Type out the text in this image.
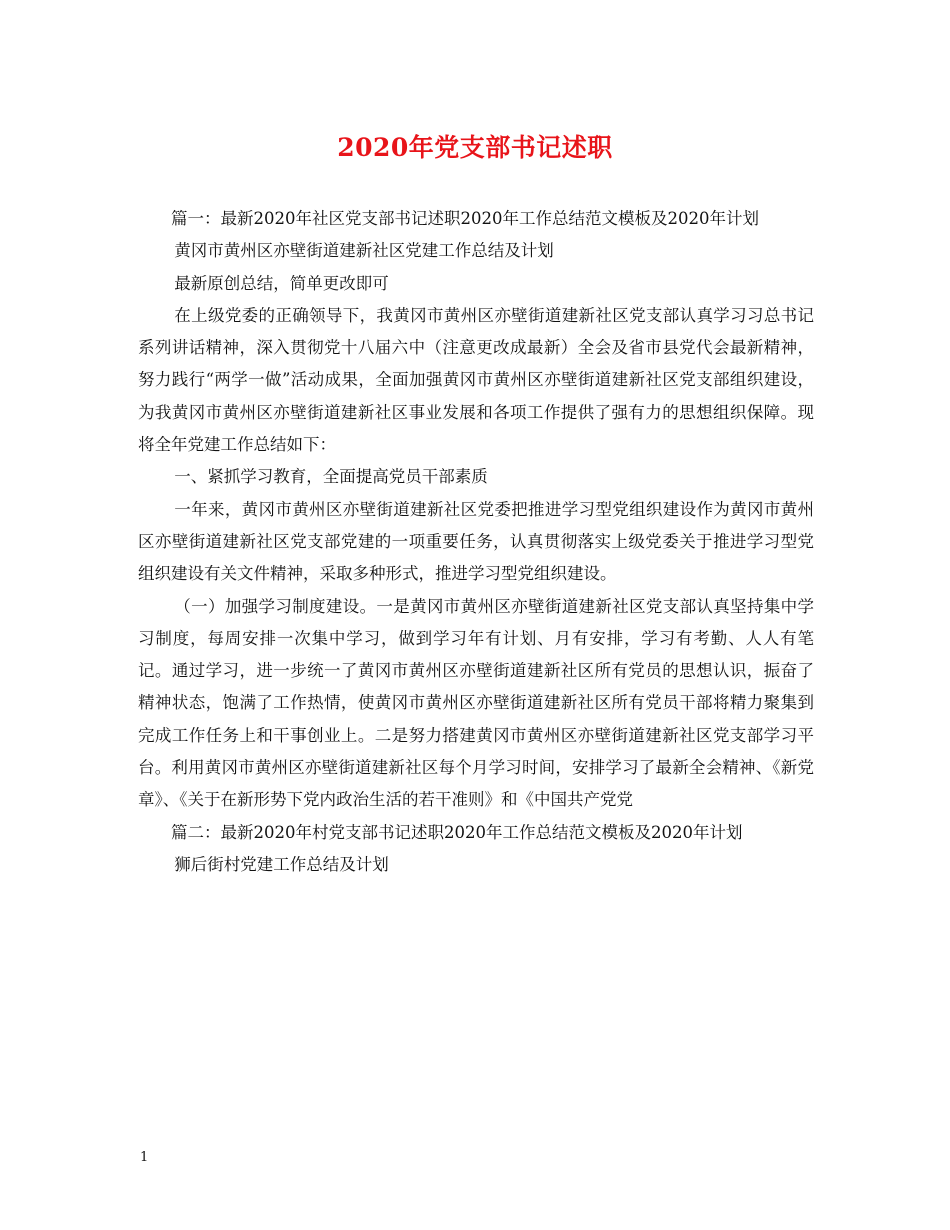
2020年党支部书记述职

篇一：最新2020年社区党支部书记述职2020年工作总结范文模板及2020年计划

黄冈市黄州区亦壁街道建新社区党建工作总结及计划

最新原创总结，简单更改即可

在上级党委的正确领导下，我黄冈市黄州区亦壁街道建新社区党支部认真学习习总书记系列讲话精神，深入贯彻党十八届六中（注意更改成最新）全会及省市县党代会最新精神，努力践行“两学一做”活动成果，全面加强黄冈市黄州区亦壁街道建新社区党支部组织建设，为我黄冈市黄州区亦壁街道建新社区事业发展和各项工作提供了强有力的思想组织保障。现将全年党建工作总结如下：

一、紧抓学习教育，全面提高党员干部素质

一年来，黄冈市黄州区亦壁街道建新社区党委把推进学习型党组织建设作为黄冈市黄州区亦壁街道建新社区党支部党建的一项重要任务，认真贯彻落实上级党委关于推进学习型党组织建设有关文件精神，采取多种形式，推进学习型党组织建设。

（一）加强学习制度建设。一是黄冈市黄州区亦壁街道建新社区党支部认真坚持集中学习制度，每周安排一次集中学习，做到学习年有计划、月有安排，学习有考勤、人人有笔记。通过学习，进一步统一了黄冈市黄州区亦壁街道建新社区所有党员的思想认识，振奋了精神状态，饱满了工作热情，使黄冈市黄州区亦壁街道建新社区所有党员干部将精力聚集到完成工作任务上和干事创业上。二是努力搭建黄冈市黄州区亦壁街道建新社区党支部学习平台。利用黄冈市黄州区亦壁街道建新社区每个月学习时间，安排学习了最新全会精神、《新党章》、《关于在新形势下党内政治生活的若干准则》和《中国共产党党

篇二：最新2020年村党支部书记述职2020年工作总结范文模板及2020年计划

狮后街村党建工作总结及计划

1
